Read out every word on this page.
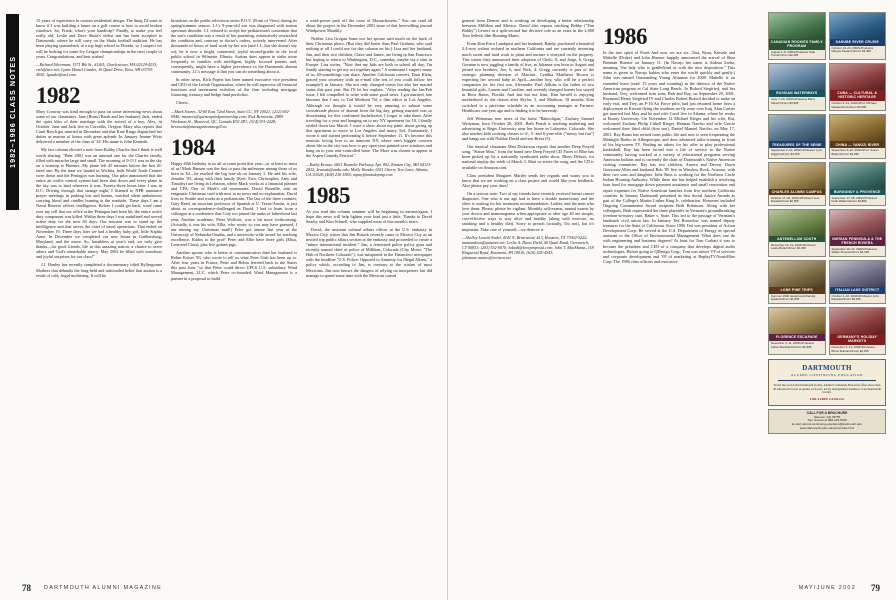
1982–1986 CLASS NOTES

15 years of experience in custom residential design. The thing I'd want to know if I was building a home on a golf course is how to avoid broken windows. So, Frank, what's your handicap? Finally, to make you feel really old, Leslie and Dave Shula's oldest son has been accepted to Dartmouth, where he will carry on the Shula football tradition. He has been playing quarterback at a top high school in Florida, so I suspect we will be looking for some Ivy League championships in the next couple of years. Congratulations, and best wishes!

—Richard Silverman, 1571 Bik St., #1265, Charlestown, MA 02129-4233; rsilv@ttcs.net; Lynne Hamel Gaudet, 10 Quail Drive, Etna, NH 03750-4050; lgaudet@aol.com

1982

Mary Conway was kind enough to pass on some interesting news about some of our classmates. Jane (Brass) Barth and her husband, Jack, ended the quiet bliss of their marriage with the arrival of a boy, Alex, in October. Jane and Jack live in Corvallis, Oregon. Mary also reports that Carol Resch got married in December and that Kate Ringo dispatched her duties as matron of honor with great aplomb. In January Jeanne Wirtz delivered a member of the class of '24. His name is John Kenneth.

My last column elicited a note from Bobby Charles that I think is well worth sharing: "Bear 2001 was an unusual one for the Charles family, filled with miracles large and small. The morning of 9-11 I was in the sky on a nonstop to Phoenix. My plane left 45 minutes before the first ill-fated one. By the time we landed in Wichita, both World Trade Centers were down and the Pentagon was burning. Our pilot announced that the entire air traffic control system had been shut down and every plane in the sky was to land wherever it was. Twenty-three hours later I was in D.C. Driving through that strange night, I listened to NPR announce prayer meetings in parking lots and homes, watched silent ambulances carrying blood and candles burning at the roadside. These days I am a Naval Reserve officer, intelligence. Before I could get back, word came over my cell that our office at the Pentagon had been hit; the entire active duty component was killed. Within three days I was mobilized and served active duty for the next 60 days. Our mission was to stand up the intelligence unit that serves the chief of naval operations. That ended on November 19. Three days later we had a healthy baby girl, little Sophia Anne. In December we completed our new house in Gaithersburg, Maryland, and the move. So, breathless at year's end, we truly give thanks—for good friends, life in this amazing nation, a chance to serve others and God's remarkable mercy. May 2002 be filled with wondrous and joyful surprises for our class!"

J.J. Hanley has recently completed a documentary titled Byllesgrame Mothers that debunks the long-held and unfounded belief that autism is a result of cold, frigid mothering. It will be

broadcast on the public television series P.O.V. (Point of View) during its spring/summer season. J.J.'s 9-year-old son was diagnosed with autism spectrum disorder. J.J. refused to accept her pediatrician's contention that the son's condition was a result of her parenting, exhaustively researched the condition and, contrary to doctor's orders, actively intervened. After thousands of hours of hard work by her son (and J.J., but she doesn't say so), he is now a bright, connected, joyful second-grader in the local public school in Wilmette, Illinois. Autism does appear to strike more frequently in families with intelligent, highly focused parents and, consequently, might have a higher prevalence in the Dartmouth alumni community. J.J.'s message is that you can do something about it.

In other news, Rich Popert has been named executive vice president and CEO of the Lefrak Organization, where he will supervise all financial functions and investment activities of the firm including mortgage financing, treasury and hedge fund portfolios.

Cheers.

—Mark Soares, 32-60 East 72nd Street, Suite CC, NY 10021; (212) 692-0946; msoares@questcapitalpartnership.com; Rick Berzowitz, 2889 Workman St., Montreal, QC, Canada H3J 2P1; (514) 931-2428; berzowitz@managementmcgill.ca

1984

Happy 40th birthday to us all at some point this year—or at least to most of us! Mark Hansen was the first to pass the milestone among those of us born in '62—he reached the big four-oh on January 1. He and his wife, Jennifer '85, along with their family (Keri, Erin, Christopher, Amy and Timothy) are living in Lebanon, where Mark works as a financial planner and CPA. One of Mark's old roommates, David Brunelle, sent an enigmatic Christmas card with next to no news and no explanation. David lives in Seattle and works as a pediatrician. The last of the three roomies, Gary Reed, an associate professor of Spanish at U. Texas-Austin, is just about as correspondence-challenged as David. I had to learn from a colleague at a conference that Cory too joined the ranks of fatherhood last year. Another academic, Peter Wollcott, was a bit more forthcoming. (Actually, it was his wife, Ellie, who wrote; so you may have guessed, I am mining my Christmas mail!) Peter got tenure last year at the University of Nebraska-Omaha, and a university-wide award for teaching excellence. Kudos to the prof! Peter and Ellie have three girls (Elisa, Lena and Clara), plus five guinea pigs.

Another spouse who is better at communication than her husband is Robin Kaiser '83, who wrote to tell us what Peter Gish has been up to. After four years in France, Peter and Robin ferreted back to the States this past June "so that Peter could direct UPCS U.S. subsidiary Wind Management, LLC, which Peter co-founded. Wind Management is a partner in a proposal to build

a wind-power park off the coast of Massachusetts." You can read all about the project in the December 2001 issue of that best-selling journal Windpower Monthly.

Neither Lisa Grogan Sams nor her spouse said much on the back of their Christmas photo. (But they did better than Paul Graham, who said nothing at all I could use for this column on his.) Lisa and her husband, Jim, and their two children, Claire and James, are living in San Francisco but hoping to return to Washington, D.C., someday, maybe via a stint in Europe. Lisa writes, "Now that my kids are both in school all day, I'm finally starting to get my act together again." A sentiment I suspect many of us 40-somethings can share. Another California convert, Dani Klein, graced your secretary with an e-mail (the rest of you could follow her example!) in January. She not only changed coasts but also her marital status this past year. But I'll let her explain. "After reading the Jan/Feb issue, I felt compelled to write with some good news. I got married, late bloomer that I am, to Tod Modisett '94, a film editor in Los Angeles. Although we thought it would be very amusing to submit some crossdecade photos of alumni from the big day, getting married was so disorienting for this confirmed bachelorette, I forgot to take them. After traveling for a year and hanging on to my NY apartment for 10, I finally settled down last March. I wore a show about my panic about giving up that apartment to move to Los Angeles and marry Tod. Fortunately, I wrote it and started performing it before September 11. It's become this neurotic loving love to an innocent NY, where one's biggest concern about life in the city was how to pry open your painted-over windows and hang on to your rent-controlled lease. The More was chosen to appear at the Aspen Comedy Festival."

—Kathy Krause, 6821 Roanoke Parkway, Apt. 802, Kansas City, MO 64113-2822; kraussk@umkc.edu; Molly Wonder, 6511 Cherry Tree Lane, Atlanta, GA 30328; (404) 236-1855; mpmy@mundopmg.com

1985

As you read this column summer will be beginning in earnest/again. I hope this news will help lighten your load just a little. Thanks to David Searby and Kim Schnell, who supplied most of this month's news.

David, the assistant cultural affairs officer at the U.S. embassy in Mexico City, writes that Jim Burack recently came to Mexico City as an invited trip public affairs section at the embassy and proceeded to create a "minor international incident." Jim, a renowned police policy guru and recently named chief of police of Milliken, Colorado (City Motto: "The Hub of Northern Colorado"), was misquoted in the Financiero newspaper with the headline "U.S. Police: Opposed to Amnesty for Illegal Aliens," a policy which, according to Jim, is contrary to the wishes of most Mexicans. Jim now knows the dangers of relying on interpreters but did manage to spend some time with the Mexican consul

78 DARTMOUTH ALUMNI MAGAZINE

general from Denver and is working on developing a better relationship between Milliken and Mexico. David also reports catching Bobby ("Fun Bobby") Lewert in a split-second but decisive role as an extra in the 2,000 Tom Selleck film Running Mates.

From Kim Erica Lundquist and her husband, Randy, purchased a beautiful 2.4-acre walnut orchard in northern California and are currently inventing much sweat and hard work to plant and nurture a vineyard on the property. This winter they announced their adoption of Chelo, 8, and Jorge, 6. Gregg Gorman is now juggling a family of five, as Julianna was born in August and joined two brothers, Joe, 6, and Nick, 4. Gregg currently is part of the strategic planning division of Marriott. Cynthia Matthews Brown is expecting her second baby in April—another boy, who will be a perfect companion for her first son, Alexander. Paul Adkins is the father of two beautiful girls, Lauren and Caroline, and recently changed homes but stayed in Boca Raton, Florida. And last but not least, Kim herself is enjoying motherhood as she chases after Skylar, 3, and Madison, 18 months. Kim switched to a part-time schedule as an accounting manager at Partners Healthcare one year ago and is finding it to be heavenly.

Jeff Weitzman sent news of the latest "Bahooligan," Zachary Samuel Weitzman, born October 28, 2001. Beth Parish is teaching marketing and advertising at Regis University near her home in Lafayette, Colorado. She also teaches kids cooking classes to 4-, 5- and 6-year-olds ("messy but fun") and hangs out with Nubbie David and son Brent (5).

Our musical classmate Matt Dickerson reports that another Deep Freyed song, "Statue Man," from the brand new Deep Freyed CD Faces of Blue has been picked up by a nationally syndicated radio show, Blues Deluxe, for national airplay the week of March 3. Matt co-wrote the song, and the CD is available on Amazon.com.

Class president Margaret Marder sends her regards and wants you to know that we are working on a class project and would like your feedback. Also please pay your dues!

On a serious note: Two of my friends have recently received breast cancer diagnoses. One who is our age had to have a double mastectomy and the other is waiting for her treatment recommendation. Ladies, and the men who love them: Please, please be vigilant. Monthly self-exams, annual exams by your doctor and mammograms when appropriate or after age 40 are simple, cost-effective ways to stay alive and healthy (along with exercise, no smoking and a healthy diet). Sorry to preach (actually, I'm not), but it's important. Take care of yourself—we deserve it.

—Shelley Leavitt Nadel, 4141 N. Briarwood, #13, Houston, TX 77002-5222; mamandson@quistnet.net; Leslie A. Davis Diehl, 46 Quail Road, Greenwich, CT 06831; (203) 532-0070; bdaidi@loveproposal.com; John T. MacManus, 118 Ringwood Road, Rosemont, PA 19010; (610) 525-4541; johntmac.manus@verizon.net

1986

In the true spirit of Poets And now we are six...Tara, Ryan, Kinsale and Mabelle (Drake) and John Huester happily announced the arrival of Shea Brennan Huester on January 11. (In Navajo her name is Asdzaa Jooba, meaning "the lady who is gentle/kind or with the nice disposition." This name is given to Navajo babies who enter the world quickly and gently.) John was named Outstanding Young Alumnus for 2000. Mabelle is on extended leave (read: 15 years and counting) as the director of the Native American program at Cal State Long Beach. Jo Buford Siegfried, and her husband, Trey, welcomed twin sons, Bob and Ray, on September 29, 2001. Raymond Henry Siegfried IV and Charles Robert Buford decided to make an early exit, and Trey, an F-16 Air Force pilot, had just returned home from a deployment in Kuwait flying the southern no-fly zone over Iraq. Alan Cartier got married last May and he and wife Carol live in Atlanta, where he works at Emory University. On November 12 Michael Rieger and his wife, Rai, welcomed Zachary Philip Cabell Rieger. Herman Narcho and wife Gracie welcomed their third child (first son), Daniel Manuel Narcho, on May 17, 2001. Ray Burns has retired from public life and now is seen frequenting the Midnight Rodeo in Albuquerque, and does advanced tailor-training in front of his big-screen TV. Finding no takers for his offer to play professional basketball, Ray has been forced into a life of service to the Native community, having worked at a variety of educational programs serving American Indians and is currently the chair of Dartmouth's Native American visiting committee. Ray has two children, Aurora and Devon. Dawn Gouvreau-Allen and husband Bob '85 live in Winslow Rock, Arizona, with their two sons and daughter. Julie Russ is working for the Northern Circle Indian Housing Authority. While there she has helped establish a revolving loan fund for mortgage down payment assistance and small renovation and repair expenses for Native American families from five northern California counties. In January Dartmouth presented its first Social Justice Awards as part of the College's Martin Luther King Jr. celebration. Honorees included Ongoing Commitment Award recipient Beth Robinson. Along with her colleagues, Beth represented the three plaintiffs in Vermont's groundbreaking freedom-to-marry case, Baker v. State. This led to the passage of Vermont's landmark civil union law. In January Ted Brussilow was named deputy treasurer for the State of California. Since 1996 Ted was president of Action Development Corp. He served at the U.S. Department of Energy as special assistant to the Office of Environmental Management. What does one do with engineering and business degrees? At least for Tom Carhart it was to become the president and CEO of a company that develops digital audio technologies. Before going to QDesign Corp., Tom was senior VP of services and corporate development and VP of marketing at ReplayTV/SonicBlue Corp. The 1986 class officers and executive

CANADIAN ROCKIES FAMILY PROGRAM
August 1–8, 2002\nProfessor Dale Turner\nFrom $2,295
DANUBE RIVER CRUISE
October 13–24, 2002\nProfessor Marysa Navarro\nFrom $3,495
RUSSIAN WATERWAYS
June 7–20, 2002\nProfessor Barry Scherr\nFrom $3,995
CUBA — CULTURAL & HISTORIC HERITAGE
October 6–13, 2002\nProf. Michael Mastanduno\nFrom $2,995
TREASURES OF THE SEINE
September 2–10, 2002\nProfessor Lynn Higgins\nFrom $3,195
CHINA — YANGZI RIVER
September 5–20, 2002\nProf. Susan Blader\nFrom $4,295
CHARLES ALUMNI CAMPUS
October 17–26, 2002\nProfessor Jere Daniell\nFrom $2,695
BURGUNDY & PROVENCE
September 17–28, 2002\nProfessor Keith Walker\nFrom $3,895
ANTEBELLUM SOUTH
December 14–21, 2002\nProfessor Leslie Butler\nFrom $2,495
IBERIAN PENINSULA & THE FRENCH RIVIERA
September 10–23, 2002\nProfessor Walter Simons\nFrom $4,195
LONE PINE TRIPS
Summer 2002 departures\nFaculty leaders\nFrom $1,895
ITALIAN LAKE DISTRICT
October 1–10, 2002\nProfessor John Rassias\nFrom $3,395
FLORENCE ESCAPADE
November 3–11, 2002\nProfessor Adrian Randolph\nFrom $2,995
GERMANY'S HOLIDAY MARKETS
December 5–13, 2002\nProfessor Bruce Duncan\nFrom $2,195
DARTMOUTH
ALUMNI CONTINUING EDUCATION
Travel the world with Dartmouth faculty. Alumni Continuing Education offers more than 30 educational travel programs each year, led by distinguished members of the Dartmouth faculty.
FOR A FREE CATALOG
CALL FOR A BROCHURE
Hanover, NH 03755
Tour Greece at 888-228-6068
E-mail: alumni.continuing.education@dartmouth.edu
www.dartmouth.edu/~alumnice/trips.html
MAY/JUNE 2002 79
